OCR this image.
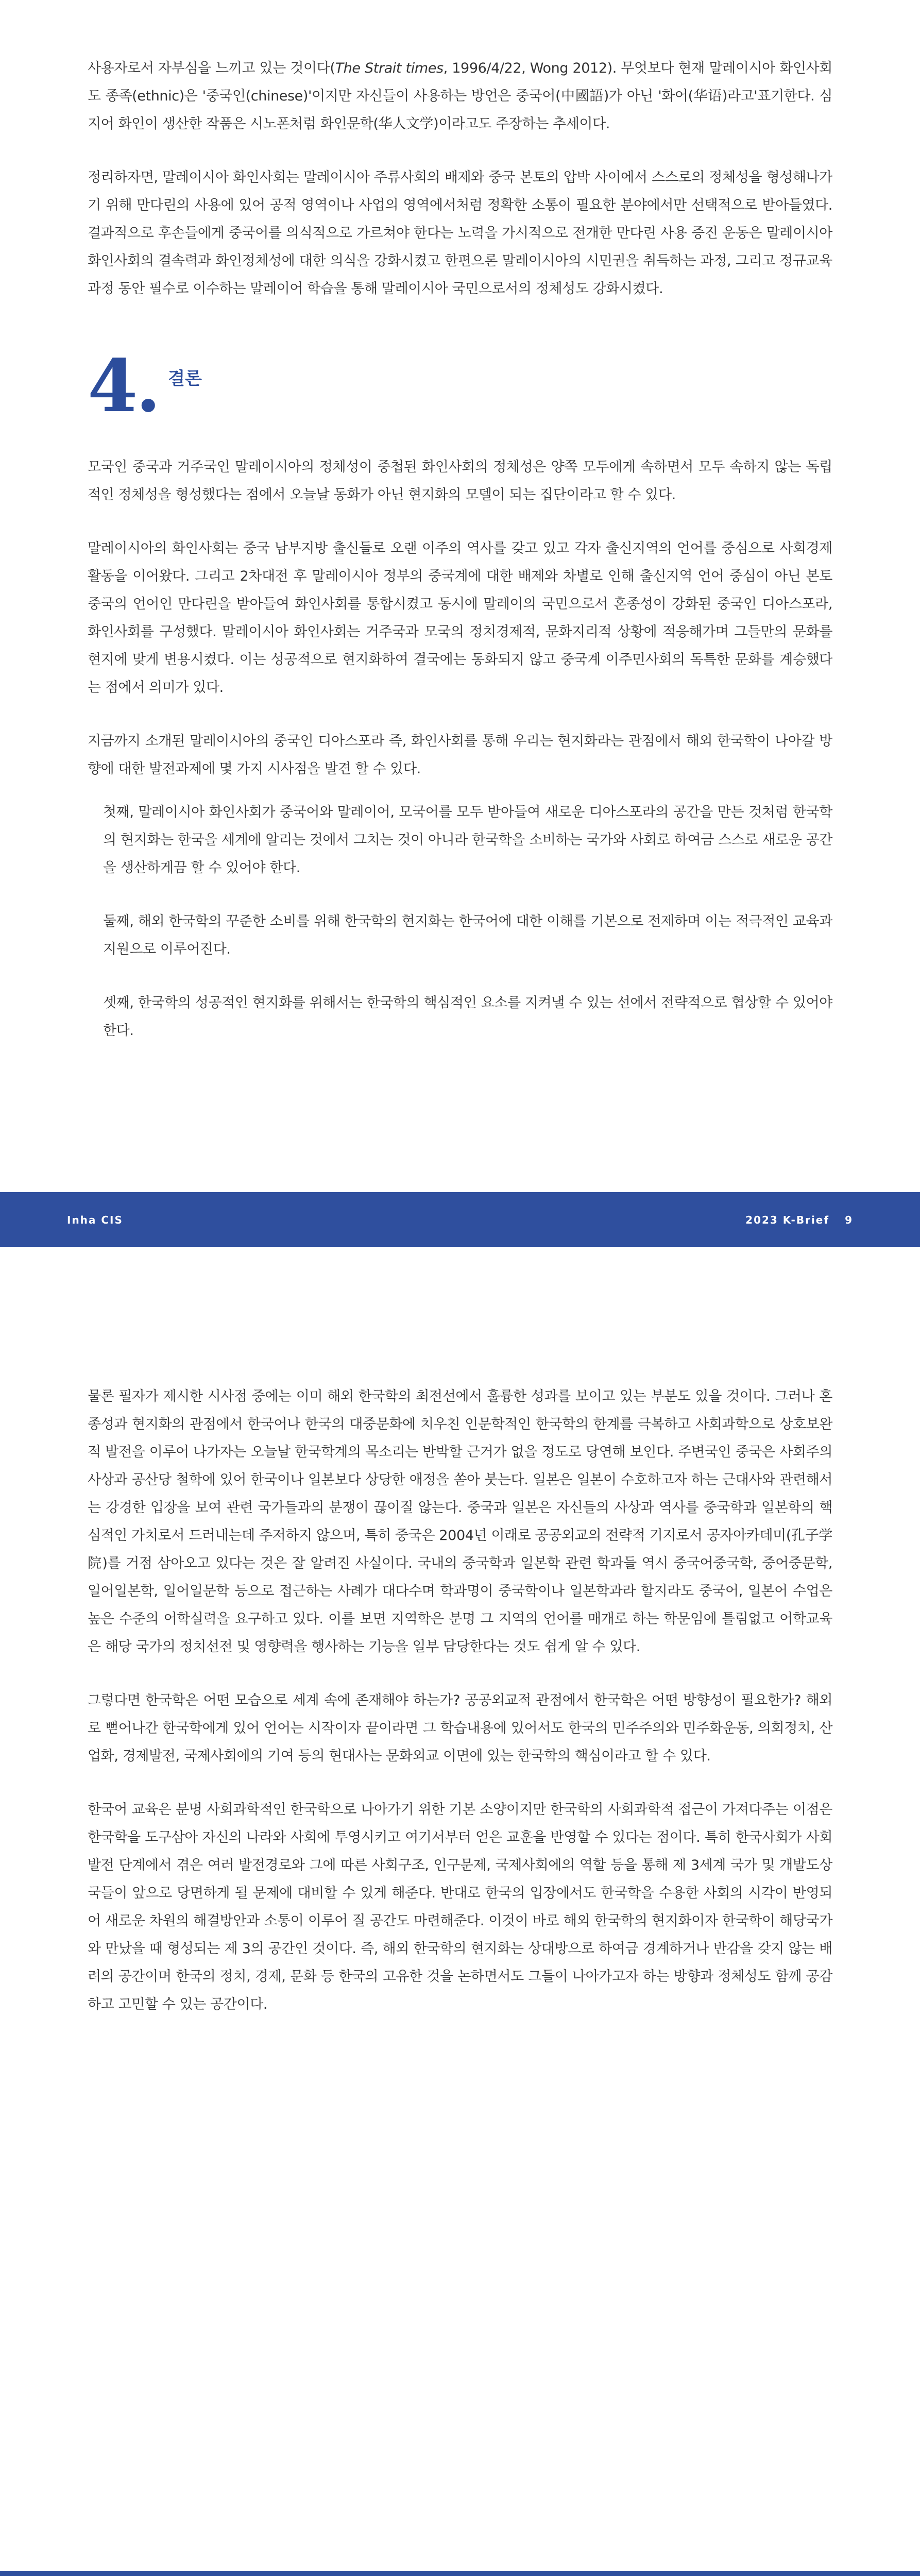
사용자로서 자부심을 느끼고 있는 것이다(The Strait times, 1996/4/22, Wong 2012). 무엇보다 현재 말레이시아 화인사회도 종족(ethnic)은 '중국인(chinese)'이지만 자신들이 사용하는 방언은 중국어(中國語)가 아닌 '화어(华语)라고'표기한다. 심지어 화인이 생산한 작품은 시노폰처럼 화인문학(华人文学)이라고도 주장하는 추세이다.

정리하자면, 말레이시아 화인사회는 말레이시아 주류사회의 배제와 중국 본토의 압박 사이에서 스스로의 정체성을 형성해나가기 위해 만다린의 사용에 있어 공적 영역이나 사업의 영역에서처럼 정확한 소통이 필요한 분야에서만 선택적으로 받아들였다. 결과적으로 후손들에게 중국어를 의식적으로 가르쳐야 한다는 노력을 가시적으로 전개한 만다린 사용 증진 운동은 말레이시아 화인사회의 결속력과 화인정체성에 대한 의식을 강화시켰고 한편으론 말레이시아의 시민권을 취득하는 과정, 그리고 정규교육 과정 동안 필수로 이수하는 말레이어 학습을 통해 말레이시아 국민으로서의 정체성도 강화시켰다.

4. 결론

모국인 중국과 거주국인 말레이시아의 정체성이 중첩된 화인사회의 정체성은 양쪽 모두에게 속하면서 모두 속하지 않는 독립적인 정체성을 형성했다는 점에서 오늘날 동화가 아닌 현지화의 모델이 되는 집단이라고 할 수 있다.

말레이시아의 화인사회는 중국 남부지방 출신들로 오랜 이주의 역사를 갖고 있고 각자 출신지역의 언어를 중심으로 사회경제활동을 이어왔다. 그리고 2차대전 후 말레이시아 정부의 중국계에 대한 배제와 차별로 인해 출신지역 언어 중심이 아닌 본토 중국의 언어인 만다린을 받아들여 화인사회를 통합시켰고 동시에 말레이의 국민으로서 혼종성이 강화된 중국인 디아스포라, 화인사회를 구성했다. 말레이시아 화인사회는 거주국과 모국의 정치경제적, 문화지리적 상황에 적응해가며 그들만의 문화를 현지에 맞게 변용시켰다. 이는 성공적으로 현지화하여 결국에는 동화되지 않고 중국계 이주민사회의 독특한 문화를 계승했다는 점에서 의미가 있다.

지금까지 소개된 말레이시아의 중국인 디아스포라 즉, 화인사회를 통해 우리는 현지화라는 관점에서 해외 한국학이 나아갈 방향에 대한 발전과제에 몇 가지 시사점을 발견 할 수 있다.

첫째, 말레이시아 화인사회가 중국어와 말레이어, 모국어를 모두 받아들여 새로운 디아스포라의 공간을 만든 것처럼 한국학의 현지화는 한국을 세계에 알리는 것에서 그치는 것이 아니라 한국학을 소비하는 국가와 사회로 하여금 스스로 새로운 공간을 생산하게끔 할 수 있어야 한다.

둘째, 해외 한국학의 꾸준한 소비를 위해 한국학의 현지화는 한국어에 대한 이해를 기본으로 전제하며 이는 적극적인 교육과 지원으로 이루어진다.

셋째, 한국학의 성공적인 현지화를 위해서는 한국학의 핵심적인 요소를 지켜낼 수 있는 선에서 전략적으로 협상할 수 있어야 한다.

Inha CIS	2023 K-Brief 9

물론 필자가 제시한 시사점 중에는 이미 해외 한국학의 최전선에서 훌륭한 성과를 보이고 있는 부분도 있을 것이다. 그러나 혼종성과 현지화의 관점에서 한국어나 한국의 대중문화에 치우친 인문학적인 한국학의 한계를 극복하고 사회과학으로 상호보완적 발전을 이루어 나가자는 오늘날 한국학계의 목소리는 반박할 근거가 없을 정도로 당연해 보인다. 주변국인 중국은 사회주의 사상과 공산당 철학에 있어 한국이나 일본보다 상당한 애정을 쏟아 붓는다. 일본은 일본이 수호하고자 하는 근대사와 관련해서는 강경한 입장을 보여 관련 국가들과의 분쟁이 끊이질 않는다. 중국과 일본은 자신들의 사상과 역사를 중국학과 일본학의 핵심적인 가치로서 드러내는데 주저하지 않으며, 특히 중국은 2004년 이래로 공공외교의 전략적 기지로서 공자아카데미(孔子学院)를 거점 삼아오고 있다는 것은 잘 알려진 사실이다. 국내의 중국학과 일본학 관련 학과들 역시 중국어중국학, 중어중문학, 일어일본학, 일어일문학 등으로 접근하는 사례가 대다수며 학과명이 중국학이나 일본학과라 할지라도 중국어, 일본어 수업은 높은 수준의 어학실력을 요구하고 있다. 이를 보면 지역학은 분명 그 지역의 언어를 매개로 하는 학문임에 틀림없고 어학교육은 해당 국가의 정치선전 및 영향력을 행사하는 기능을 일부 담당한다는 것도 쉽게 알 수 있다.

그렇다면 한국학은 어떤 모습으로 세계 속에 존재해야 하는가? 공공외교적 관점에서 한국학은 어떤 방향성이 필요한가? 해외로 뻗어나간 한국학에게 있어 언어는 시작이자 끝이라면 그 학습내용에 있어서도 한국의 민주주의와 민주화운동, 의회정치, 산업화, 경제발전, 국제사회에의 기여 등의 현대사는 문화외교 이면에 있는 한국학의 핵심이라고 할 수 있다.

한국어 교육은 분명 사회과학적인 한국학으로 나아가기 위한 기본 소양이지만 한국학의 사회과학적 접근이 가져다주는 이점은 한국학을 도구삼아 자신의 나라와 사회에 투영시키고 여기서부터 얻은 교훈을 반영할 수 있다는 점이다. 특히 한국사회가 사회발전 단계에서 겪은 여러 발전경로와 그에 따른 사회구조, 인구문제, 국제사회에의 역할 등을 통해 제 3세계 국가 및 개발도상국들이 앞으로 당면하게 될 문제에 대비할 수 있게 해준다. 반대로 한국의 입장에서도 한국학을 수용한 사회의 시각이 반영되어 새로운 차원의 해결방안과 소통이 이루어 질 공간도 마련해준다. 이것이 바로 해외 한국학의 현지화이자 한국학이 해당국가와 만났을 때 형성되는 제 3의 공간인 것이다. 즉, 해외 한국학의 현지화는 상대방으로 하여금 경계하거나 반감을 갖지 않는 배려의 공간이며 한국의 정치, 경제, 문화 등 한국의 고유한 것을 논하면서도 그들이 나아가고자 하는 방향과 정체성도 함께 공감하고 고민할 수 있는 공간이다.
